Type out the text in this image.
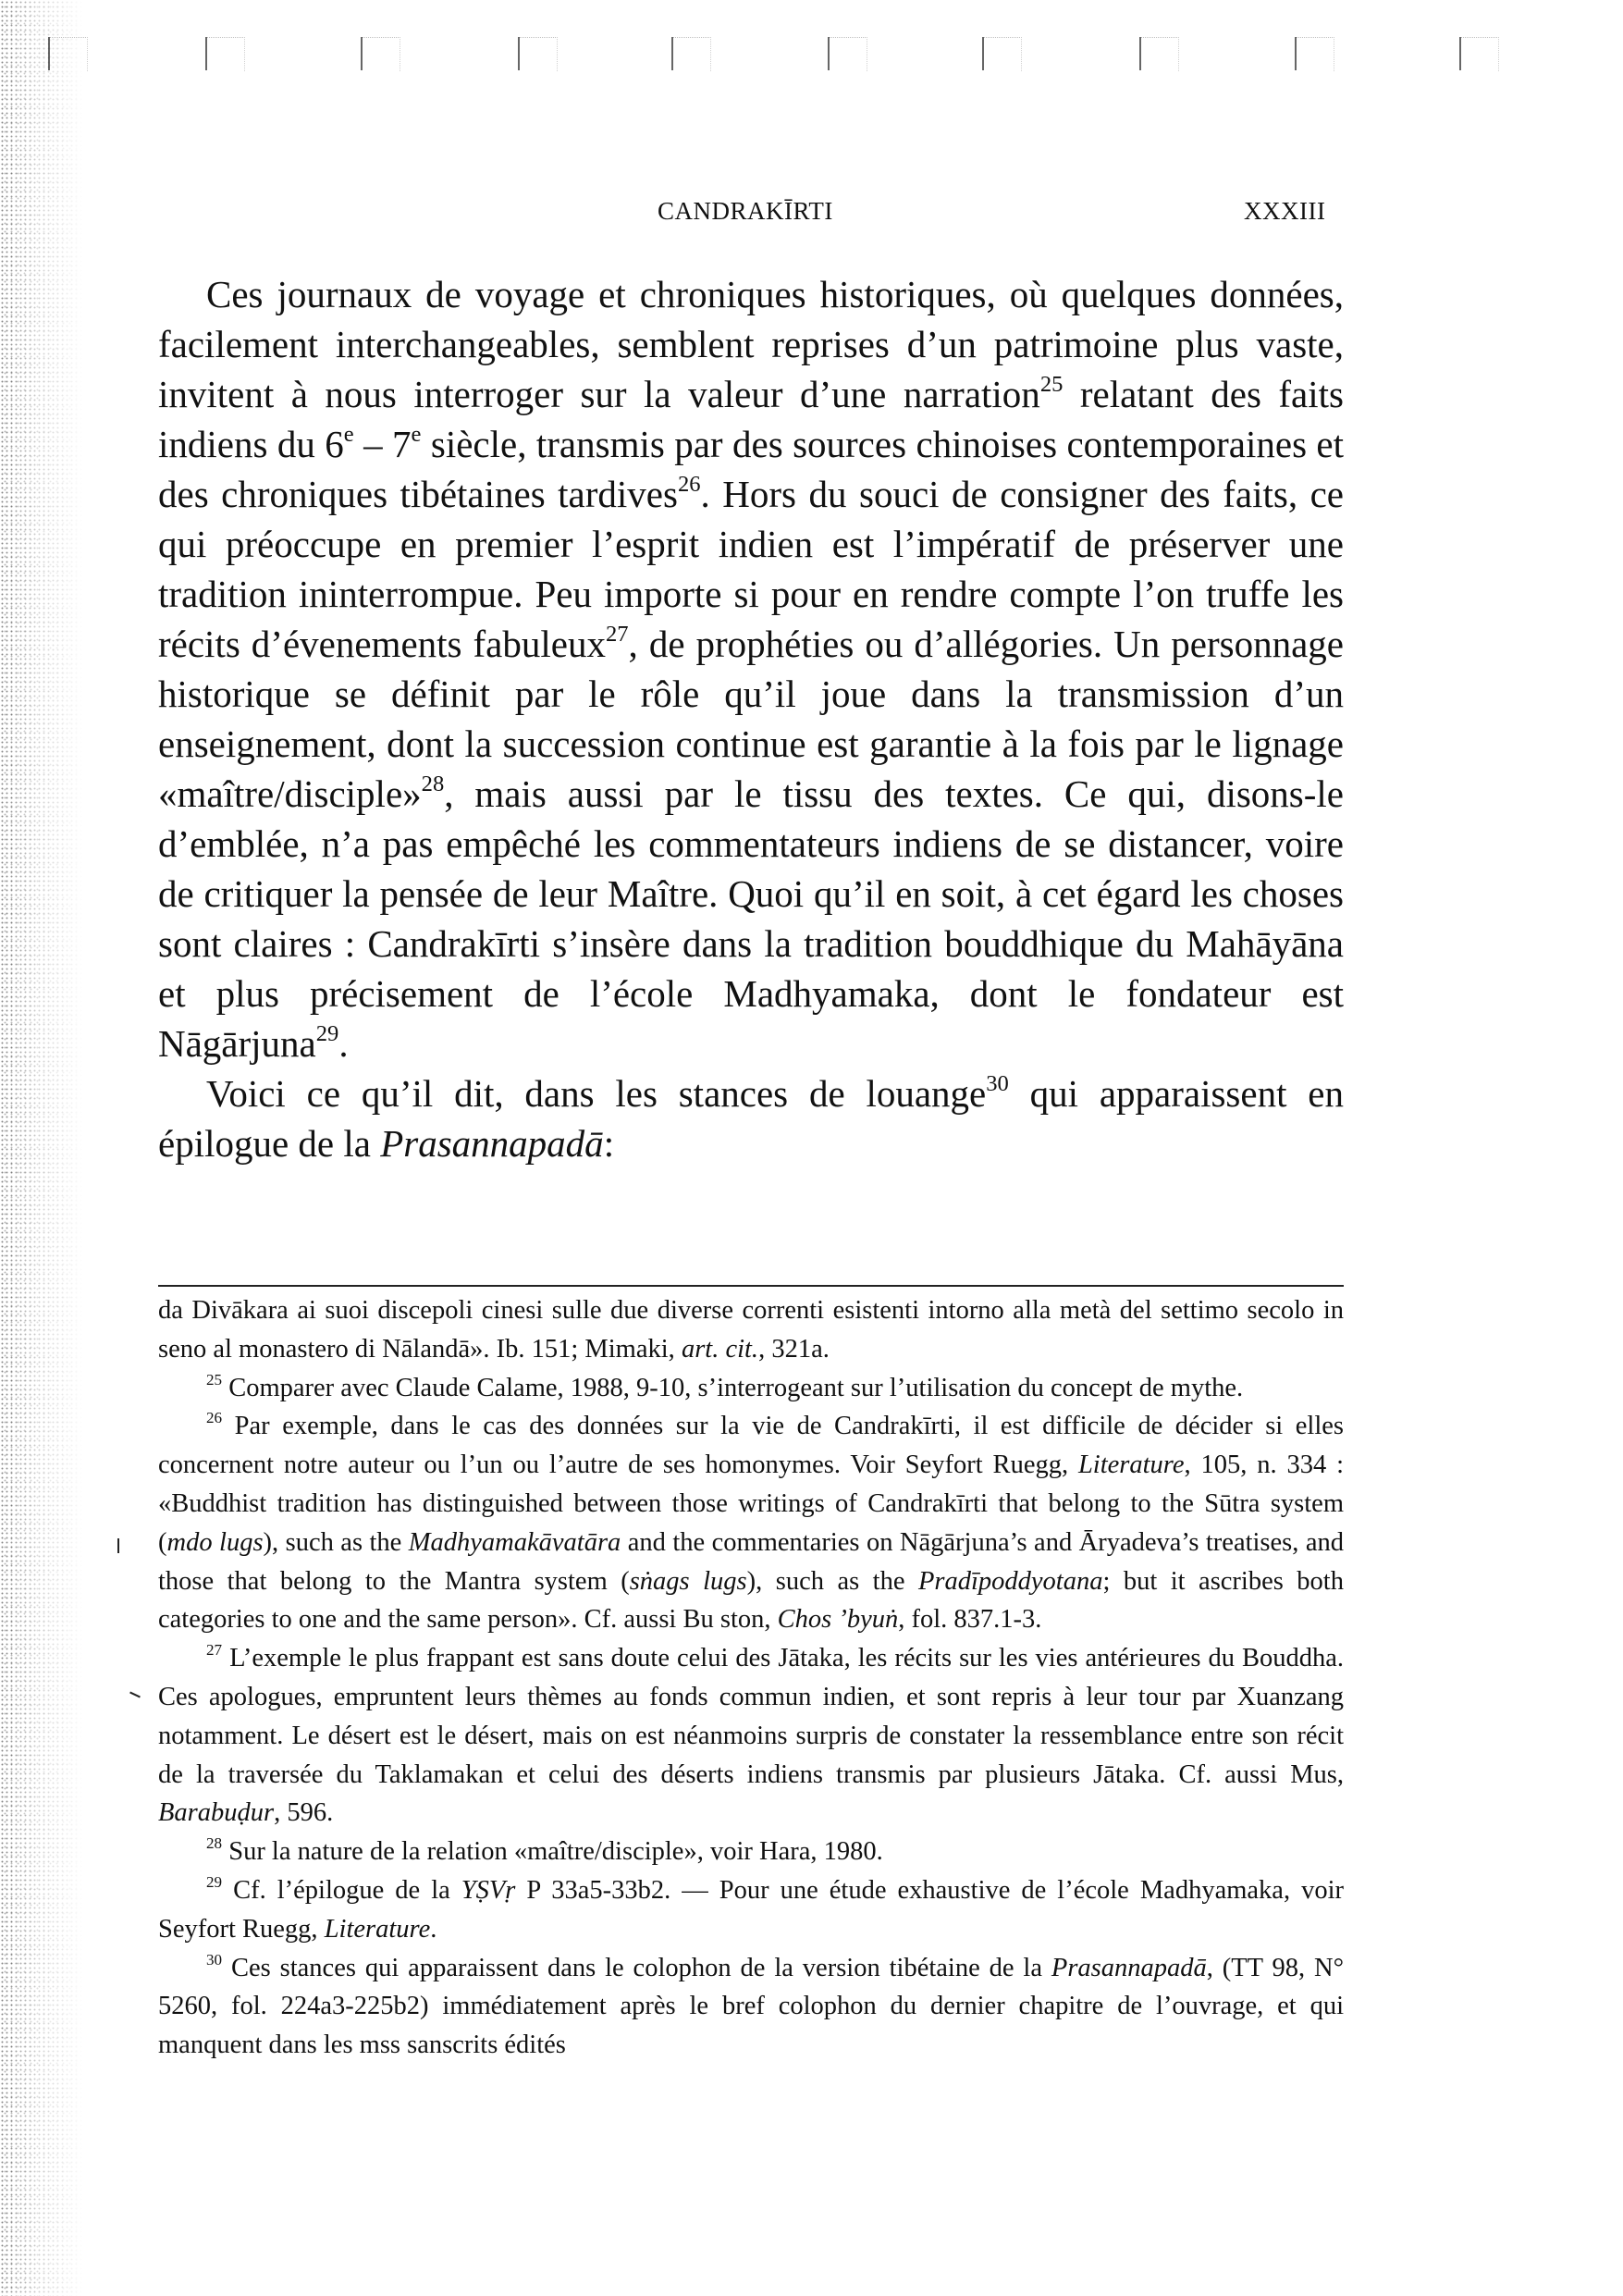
CANDRAKĪRTI	XXXIII

Ces journaux de voyage et chroniques historiques, où quelques données, facilement interchangeables, semblent reprises d’un patrimoine plus vaste, invitent à nous interroger sur la valeur d’une narration$^{25}$ relatant des faits indiens du 6e – 7e siècle, transmis par des sources chinoises contemporaines et des chroniques tibétaines tardives$^{26}$. Hors du souci de consigner des faits, ce qui préoccupe en premier l’esprit indien est l’impératif de préserver une tradition ininterrompue. Peu importe si pour en rendre compte l’on truffe les récits d’évenements fabuleux$^{27}$, de prophéties ou d’allégories. Un personnage historique se définit par le rôle qu’il joue dans la transmission d’un enseignement, dont la succession continue est garantie à la fois par le lignage «maître/disciple»$^{28}$, mais aussi par le tissu des textes. Ce qui, disons-le d’emblée, n’a pas empêché les commentateurs indiens de se distancer, voire de critiquer la pensée de leur Maître. Quoi qu’il en soit, à cet égard les choses sont claires : Candrakīrti s’insère dans la tradition bouddhique du Mahāyāna et plus précisement de l’école Madhyamaka, dont le fondateur est Nāgārjuna$^{29}$.

Voici ce qu’il dit, dans les stances de louange$^{30}$ qui apparaissent en épilogue de la Prasannapadā:

da Divākara ai suoi discepoli cinesi sulle due diverse correnti esistenti intorno alla metà del settimo secolo in seno al monastero di Nālandā». Ib. 151; Mimaki, art. cit., 321a.

$^{25}$ Comparer avec Claude Calame, 1988, 9-10, s’interrogeant sur l’utilisation du concept de mythe.

$^{26}$ Par exemple, dans le cas des données sur la vie de Candrakīrti, il est difficile de décider si elles concernent notre auteur ou l’un ou l’autre de ses homonymes. Voir Seyfort Ruegg, Literature, 105, n. 334 : «Buddhist tradition has distinguished between those writings of Candrakīrti that belong to the Sūtra system (mdo lugs), such as the Madhyamakāvatāra and the commentaries on Nāgārjuna’s and Āryadeva’s treatises, and those that belong to the Mantra system (sṅags lugs), such as the Pradīpoddyotana; but it ascribes both categories to one and the same person». Cf. aussi Bu ston, Chos ’byuṅ, fol. 837.1-3.

$^{27}$ L’exemple le plus frappant est sans doute celui des Jātaka, les récits sur les vies antérieures du Bouddha. Ces apologues, empruntent leurs thèmes au fonds commun indien, et sont repris à leur tour par Xuanzang notamment. Le désert est le désert, mais on est néanmoins surpris de constater la ressemblance entre son récit de la traversée du Taklamakan et celui des déserts indiens transmis par plusieurs Jātaka. Cf. aussi Mus, Barabuḍur, 596.

$^{28}$ Sur la nature de la relation «maître/disciple», voir Hara, 1980.

$^{29}$ Cf. l’épilogue de la YṢVṛ P 33a5-33b2. — Pour une étude exhaustive de l’école Madhyamaka, voir Seyfort Ruegg, Literature.

$^{30}$ Ces stances qui apparaissent dans le colophon de la version tibétaine de la Prasannapadā, (TT 98, N° 5260, fol. 224a3-225b2) immédiatement après le bref colophon du dernier chapitre de l’ouvrage, et qui manquent dans les mss sanscrits édités
